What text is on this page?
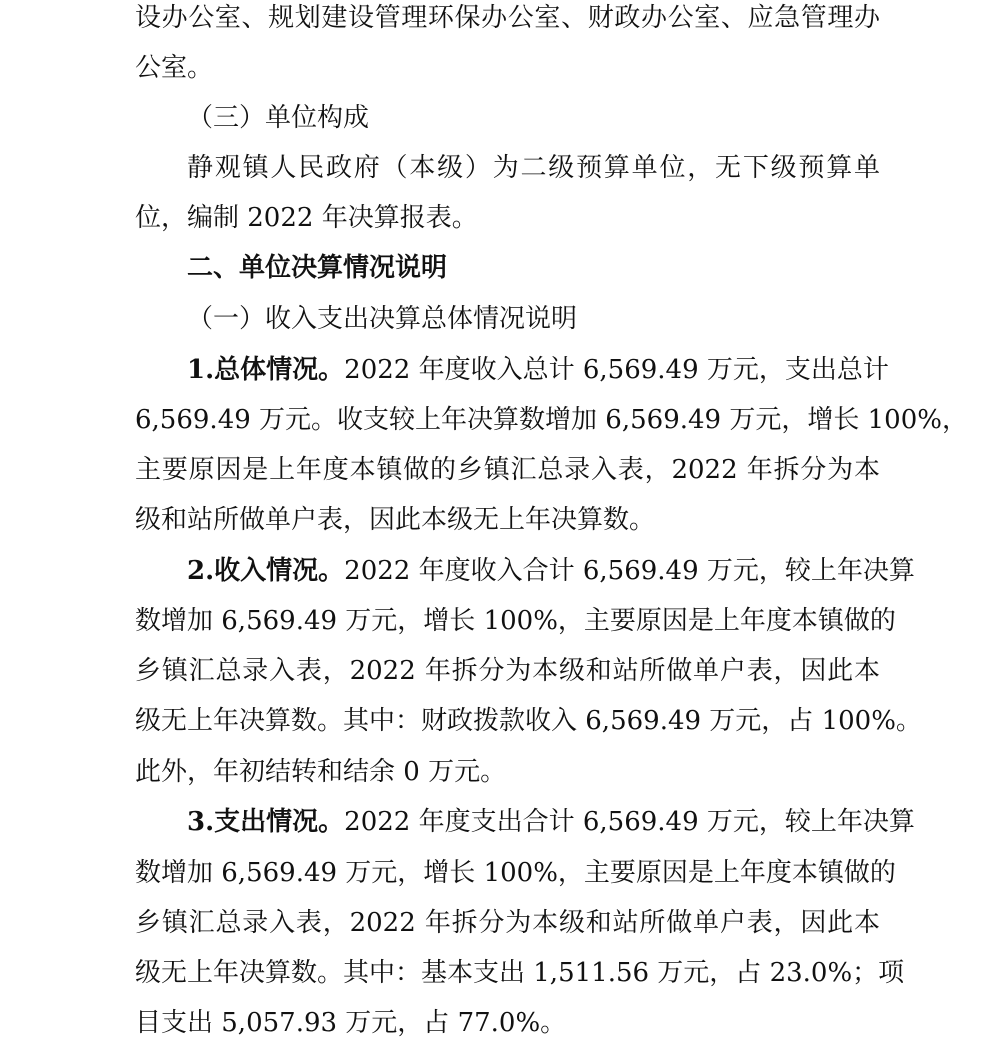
设办公室、规划建设管理环保办公室、财政办公室、应急管理办
公室。
（三）单位构成
静观镇人民政府（本级）为二级预算单位，无下级预算单
位，编制 2022 年决算报表。
二、单位决算情况说明
（一）收入支出决算总体情况说明
1.总体情况。2022 年度收入总计 6,569.49 万元，支出总计
6,569.49 万元。收支较上年决算数增加 6,569.49 万元，增长 100%，
主要原因是上年度本镇做的乡镇汇总录入表，2022 年拆分为本
级和站所做单户表，因此本级无上年决算数。
2.收入情况。2022 年度收入合计 6,569.49 万元，较上年决算
数增加 6,569.49 万元，增长 100%，主要原因是上年度本镇做的
乡镇汇总录入表，2022 年拆分为本级和站所做单户表，因此本
级无上年决算数。其中：财政拨款收入 6,569.49 万元，占 100%。
此外，年初结转和结余 0 万元。
3.支出情况。2022 年度支出合计 6,569.49 万元，较上年决算
数增加 6,569.49 万元，增长 100%，主要原因是上年度本镇做的
乡镇汇总录入表，2022 年拆分为本级和站所做单户表，因此本
级无上年决算数。其中：基本支出 1,511.56 万元，占 23.0%；项
目支出 5,057.93 万元，占 77.0%。
